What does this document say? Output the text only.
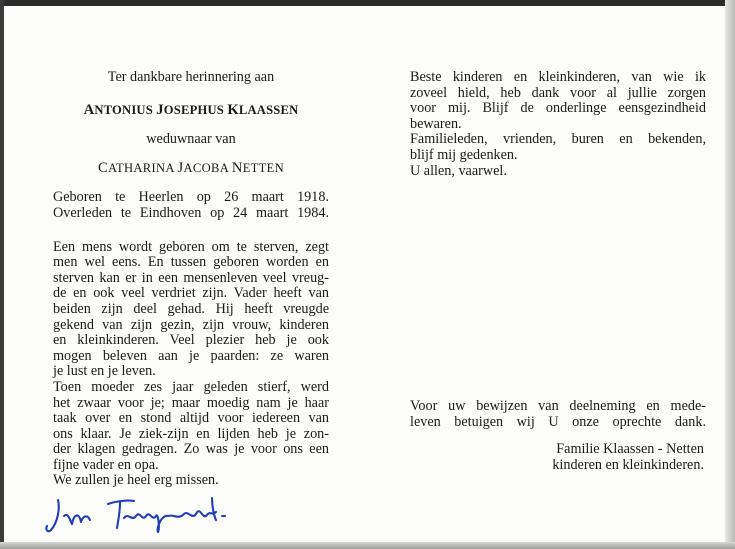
Ter dankbare herinnering aan
ANTONIUS JOSEPHUS KLAASSEN
weduwnaar van
CATHARINA JACOBA NETTEN
Geboren te Heerlen op 26 maart 1918.
Overleden te Eindhoven op 24 maart 1984.
Een mens wordt geboren om te sterven, zegt
men wel eens. En tussen geboren worden en
sterven kan er in een mensenleven veel vreug-
de en ook veel verdriet zijn. Vader heeft van
beiden zijn deel gehad. Hij heeft vreugde
gekend van zijn gezin, zijn vrouw, kinderen
en kleinkinderen. Veel plezier heb je ook
mogen beleven aan je paarden: ze waren
je lust en je leven.
Toen moeder zes jaar geleden stierf, werd
het zwaar voor je; maar moedig nam je haar
taak over en stond altijd voor iedereen van
ons klaar. Je ziek-zijn en lijden heb je zon-
der klagen gedragen. Zo was je voor ons een
fijne vader en opa.
We zullen je heel erg missen.
Beste kinderen en kleinkinderen, van wie ik
zoveel hield, heb dank voor al jullie zorgen
voor mij. Blijf de onderlinge eensgezindheid
bewaren.
Familieleden, vrienden, buren en bekenden,
blijf mij gedenken.
U allen, vaarwel.
Voor uw bewijzen van deelneming en mede-
leven betuigen wij U onze oprechte dank.
Familie Klaassen - Netten
kinderen en kleinkinderen.
